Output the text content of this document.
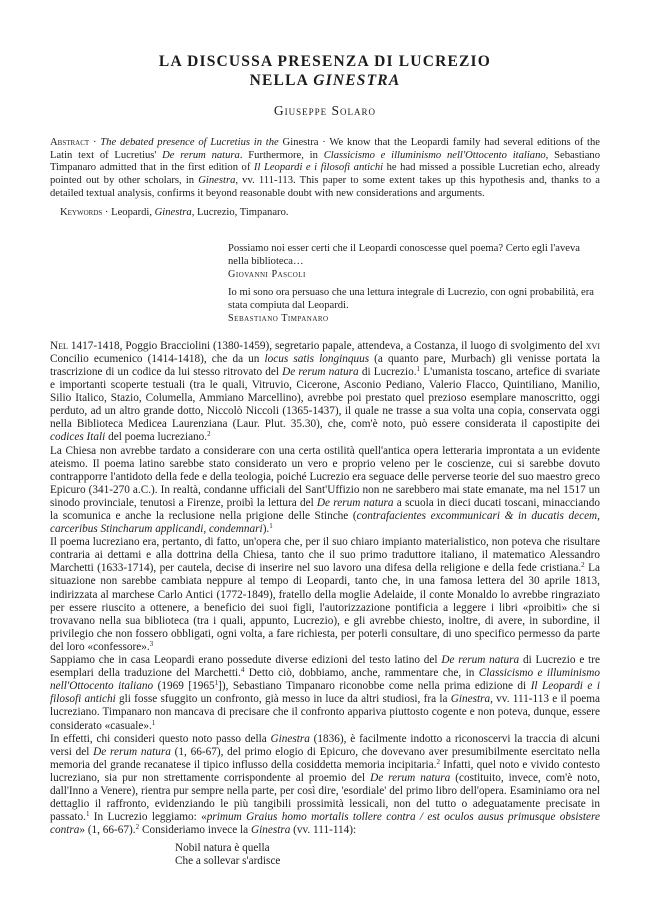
LA DISCUSSA PRESENZA DI LUCREZIO
NELLA GINESTRA
Giuseppe Solaro
Abstract · The debated presence of Lucretius in the Ginestra · We know that the Leopardi family had several editions of the Latin text of Lucretius' De rerum natura. Furthermore, in Classicismo e illuminismo nell'Ottocento italiano, Sebastiano Timpanaro admitted that in the first edition of Il Leopardi e i filosofi antichi he had missed a possible Lucretian echo, already pointed out by other scholars, in Ginestra, vv. 111-113. This paper to some extent takes up this hypothesis and, thanks to a detailed textual analysis, confirms it beyond reasonable doubt with new considerations and arguments.
Keywords · Leopardi, Ginestra, Lucrezio, Timpanaro.

Possiamo noi esser certi che il Leopardi conoscesse quel poema? Certo egli l'aveva nella biblioteca…

Giovanni Pascoli

Io mi sono ora persuaso che una lettura integrale di Lucrezio, con ogni probabilità, era stata compiuta dal Leopardi.

Sebastiano Timpanaro

Nel 1417-1418, Poggio Bracciolini (1380-1459), segretario papale, attendeva, a Costanza, il luogo di svolgimento del xvi Concilio ecumenico (1414-1418), che da un locus satis longinquus (a quanto pare, Murbach) gli venisse portata la trascrizione di un codice da lui stesso ritrovato del De rerum natura di Lucrezio.$^1$ L'umanista toscano, artefice di svariate e importanti scoperte testuali (tra le quali, Vitruvio, Cicerone, Asconio Pediano, Valerio Flacco, Quintiliano, Manilio, Silio Italico, Stazio, Columella, Ammiano Marcellino), avrebbe poi prestato quel prezioso esemplare manoscritto, oggi perduto, ad un altro grande dotto, Niccolò Niccoli (1365-1437), il quale ne trasse a sua volta una copia, conservata oggi nella Biblioteca Medicea Laurenziana (Laur. Plut. 35.30), che, com'è noto, può essere considerata il capostipite dei codices Itali del poema lucreziano.$^2$

La Chiesa non avrebbe tardato a considerare con una certa ostilità quell'antica opera letteraria improntata a un evidente ateismo. Il poema latino sarebbe stato considerato un vero e proprio veleno per le coscienze, cui si sarebbe dovuto contrapporre l'antidoto della fede e della teologia, poiché Lucrezio era seguace delle perverse teorie del suo maestro greco Epicuro (341-270 a.C.). In realtà, condanne ufficiali del Sant'Uffizio non ne sarebbero mai state emanate, ma nel 1517 un sinodo provinciale, tenutosi a Firenze, proibì la lettura del De rerum natura a scuola in dieci ducati toscani, minacciando la scomunica e anche la reclusione nella prigione delle Stinche (contrafacientes excommunicari & in ducatis decem, carceribus Stincharum applicandi, condemnari).$^1$

Il poema lucreziano era, pertanto, di fatto, un'opera che, per il suo chiaro impianto materialistico, non poteva che risultare contraria ai dettami e alla dottrina della Chiesa, tanto che il suo primo traduttore italiano, il matematico Alessandro Marchetti (1633-1714), per cautela, decise di inserire nel suo lavoro una difesa della religione e della fede cristiana.$^2$ La situazione non sarebbe cambiata neppure al tempo di Leopardi, tanto che, in una famosa lettera del 30 aprile 1813, indirizzata al marchese Carlo Antici (1772-1849), fratello della moglie Adelaide, il conte Monaldo lo avrebbe ringraziato per essere riuscito a ottenere, a beneficio dei suoi figli, l'autorizzazione pontificia a leggere i libri «proibiti» che si trovavano nella sua biblioteca (tra i quali, appunto, Lucrezio), e gli avrebbe chiesto, inoltre, di avere, in subordine, il privilegio che non fossero obbligati, ogni volta, a fare richiesta, per poterli consultare, di uno specifico permesso da parte del loro «confessore».$^3$

Sappiamo che in casa Leopardi erano possedute diverse edizioni del testo latino del De rerum natura di Lucrezio e tre esemplari della traduzione del Marchetti.$^4$ Detto ciò, dobbiamo, anche, rammentare che, in Classicismo e illuminismo nell'Ottocento italiano (1969 [1965$^1$]), Sebastiano Timpanaro riconobbe come nella prima edizione di Il Leopardi e i filosofi antichi gli fosse sfuggito un confronto, già messo in luce da altri studiosi, fra la Ginestra, vv. 111-113 e il poema lucreziano. Timpanaro non mancava di precisare che il confronto appariva piuttosto cogente e non poteva, dunque, essere considerato «casuale».$^1$

In effetti, chi consideri questo noto passo della Ginestra (1836), è facilmente indotto a riconoscervi la traccia di alcuni versi del De rerum natura (1, 66-67), del primo elogio di Epicuro, che dovevano aver presumibilmente esercitato nella memoria del grande recanatese il tipico influsso della cosiddetta memoria incipitaria.$^2$ Infatti, quel noto e vivido contesto lucreziano, sia pur non strettamente corrispondente al proemio del De rerum natura (costituito, invece, com'è noto, dall'Inno a Venere), rientra pur sempre nella parte, per così dire, 'esordiale' del primo libro dell'opera. Esaminiamo ora nel dettaglio il raffronto, evidenziando le più tangibili prossimità lessicali, non del tutto o adeguatamente precisate in passato.$^1$ In Lucrezio leggiamo: «primum Graius homo mortalis tollere contra / est oculos ausus primusque obsistere contra» (1, 66-67).$^2$ Consideriamo invece la Ginestra (vv. 111-114):

Nobil natura è quella
Che a sollevar s'ardisce
